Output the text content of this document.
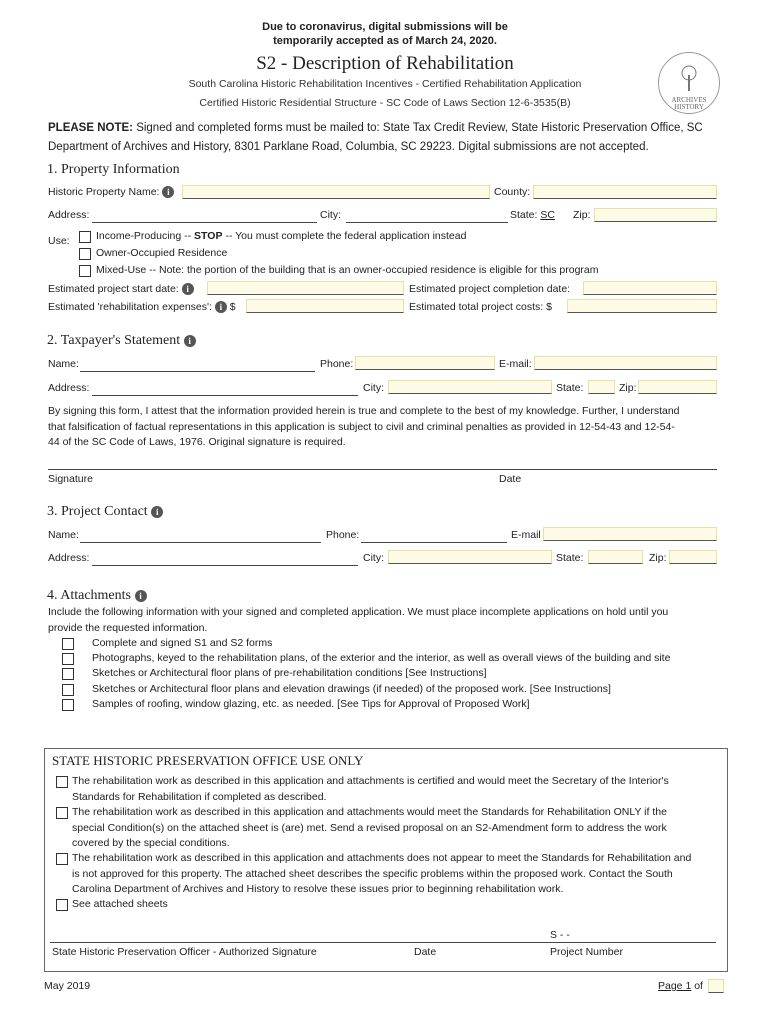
Due to coronavirus, digital submissions will be
temporarily accepted as of March 24, 2020.
S2 - Description of Rehabilitation
South Carolina Historic Rehabilitation Incentives - Certified Rehabilitation Application
Certified Historic Residential Structure - SC Code of Laws Section 12-6-3535(B)	ARCHIVES
HISTORY
PLEASE NOTE: Signed and completed forms must be mailed to: State Tax Credit Review, State Historic Preservation Office, SC
Department of Archives and History, 8301 Parklane Road, Columbia, SC 29223. Digital submissions are not accepted.
1. Property Information
Historic Property Name: i	County:
Address:	City:	State: SC Zip:
Use:	Income-Producing -- STOP -- You must complete the federal application instead
Owner-Occupied Residence
Mixed-Use -- Note: the portion of the building that is an owner-occupied residence is eligible for this program
Estimated project start date: i	Estimated project completion date:
Estimated 'rehabilitation expenses': i $	Estimated total project costs: $
2. Taxpayer's Statement i
Name:	Phone:	E-mail:
Address:	City:	State:	Zip:
By signing this form, I attest that the information provided herein is true and complete to the best of my knowledge. Further, I understand
that falsification of factual representations in this application is subject to civil and criminal penalties as provided in 12-54-43 and 12-54-
44 of the SC Code of Laws, 1976. Original signature is required.
Signature	Date
3. Project Contact i
Name:	Phone:	E-mail
Address:	City:	State:	Zip:
4. Attachments i
Include the following information with your signed and completed application. We must place incomplete applications on hold until you
provide the requested information.
Complete and signed S1 and S2 forms
Photographs, keyed to the rehabilitation plans, of the exterior and the interior, as well as overall views of the building and site
Sketches or Architectural floor plans of pre-rehabilitation conditions [See Instructions]
Sketches or Architectural floor plans and elevation drawings (if needed) of the proposed work. [See Instructions]
Samples of roofing, window glazing, etc. as needed. [See Tips for Approval of Proposed Work]
STATE HISTORIC PRESERVATION OFFICE USE ONLY
The rehabilitation work as described in this application and attachments is certified and would meet the Secretary of the Interior's
Standards for Rehabilitation if completed as described.
The rehabilitation work as described in this application and attachments would meet the Standards for Rehabilitation ONLY if the
special Condition(s) on the attached sheet is (are) met. Send a revised proposal on an S2-Amendment form to address the work
covered by the special conditions.
The rehabilitation work as described in this application and attachments does not appear to meet the Standards for Rehabilitation and
is not approved for this property. The attached sheet describes the specific problems within the proposed work. Contact the South
Carolina Department of Archives and History to resolve these issues prior to beginning rehabilitation work.
See attached sheets
S - -
State Historic Preservation Officer - Authorized Signature	Date	Project Number
May 2019	Page 1 of
